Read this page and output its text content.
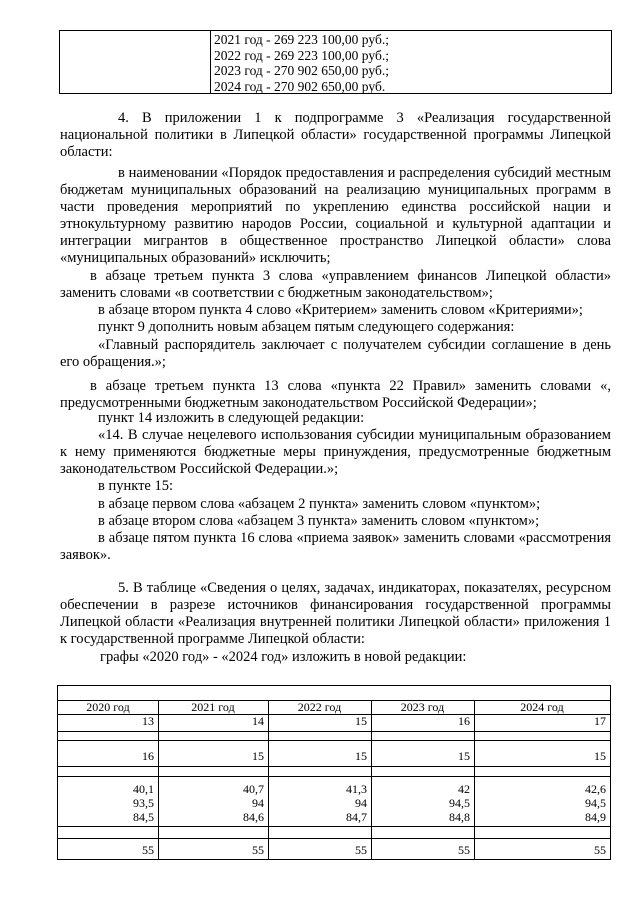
2021 год - 269 223 100,00 руб.;
2022 год - 269 223 100,00 руб.;
2023 год - 270 902 650,00 руб.;
2024 год - 270 902 650,00 руб.
4. В приложении 1 к подпрограмме 3 «Реализация государственной национальной политики в Липецкой области» государственной программы Липецкой области:
в наименовании «Порядок предоставления и распределения субсидий местным бюджетам муниципальных образований на реализацию муниципальных программ в части проведения мероприятий по укреплению единства российской нации и этнокультурному развитию народов России, социальной и культурной адаптации и интеграции мигрантов в общественное пространство Липецкой области» слова «муниципальных образований» исключить;
в абзаце третьем пункта 3 слова «управлением финансов Липецкой области» заменить словами «в соответствии с бюджетным законодательством»;
в абзаце втором пункта 4 слово «Критерием» заменить словом «Критериями»;
пункт 9 дополнить новым абзацем пятым следующего содержания:
«Главный распорядитель заключает с получателем субсидии соглашение в день его обращения.»;
в абзаце третьем пункта 13 слова «пункта 22 Правил» заменить словами «, предусмотренными бюджетным законодательством Российской Федерации»;
пункт 14 изложить в следующей редакции:
«14. В случае нецелевого использования субсидии муниципальным образованием к нему применяются бюджетные меры принуждения, предусмотренные бюджетным законодательством Российской Федерации.»;
в пункте 15:
в абзаце первом слова «абзацем 2 пункта» заменить словом «пунктом»;
в абзаце втором слова «абзацем 3 пункта» заменить словом «пунктом»;
в абзаце пятом пункта 16 слова «приема заявок» заменить словами «рассмотрения заявок».
5. В таблице «Сведения о целях, задачах, индикаторах, показателях, ресурсном обеспечении в разрезе источников финансирования государственной программы Липецкой области «Реализация внутренней политики Липецкой области» приложения 1 к государственной программе Липецкой области:
графы «2020 год» - «2024 год» изложить в новой редакции:
2020 год	2021 год	2022 год	2023 год	2024 год
13	14	15	16	17
16	15	15	15	15
40,1	40,7	41,3	42	42,6
93,5	94	94	94,5	94,5
84,5	84,6	84,7	84,8	84,9
55	55	55	55	55
